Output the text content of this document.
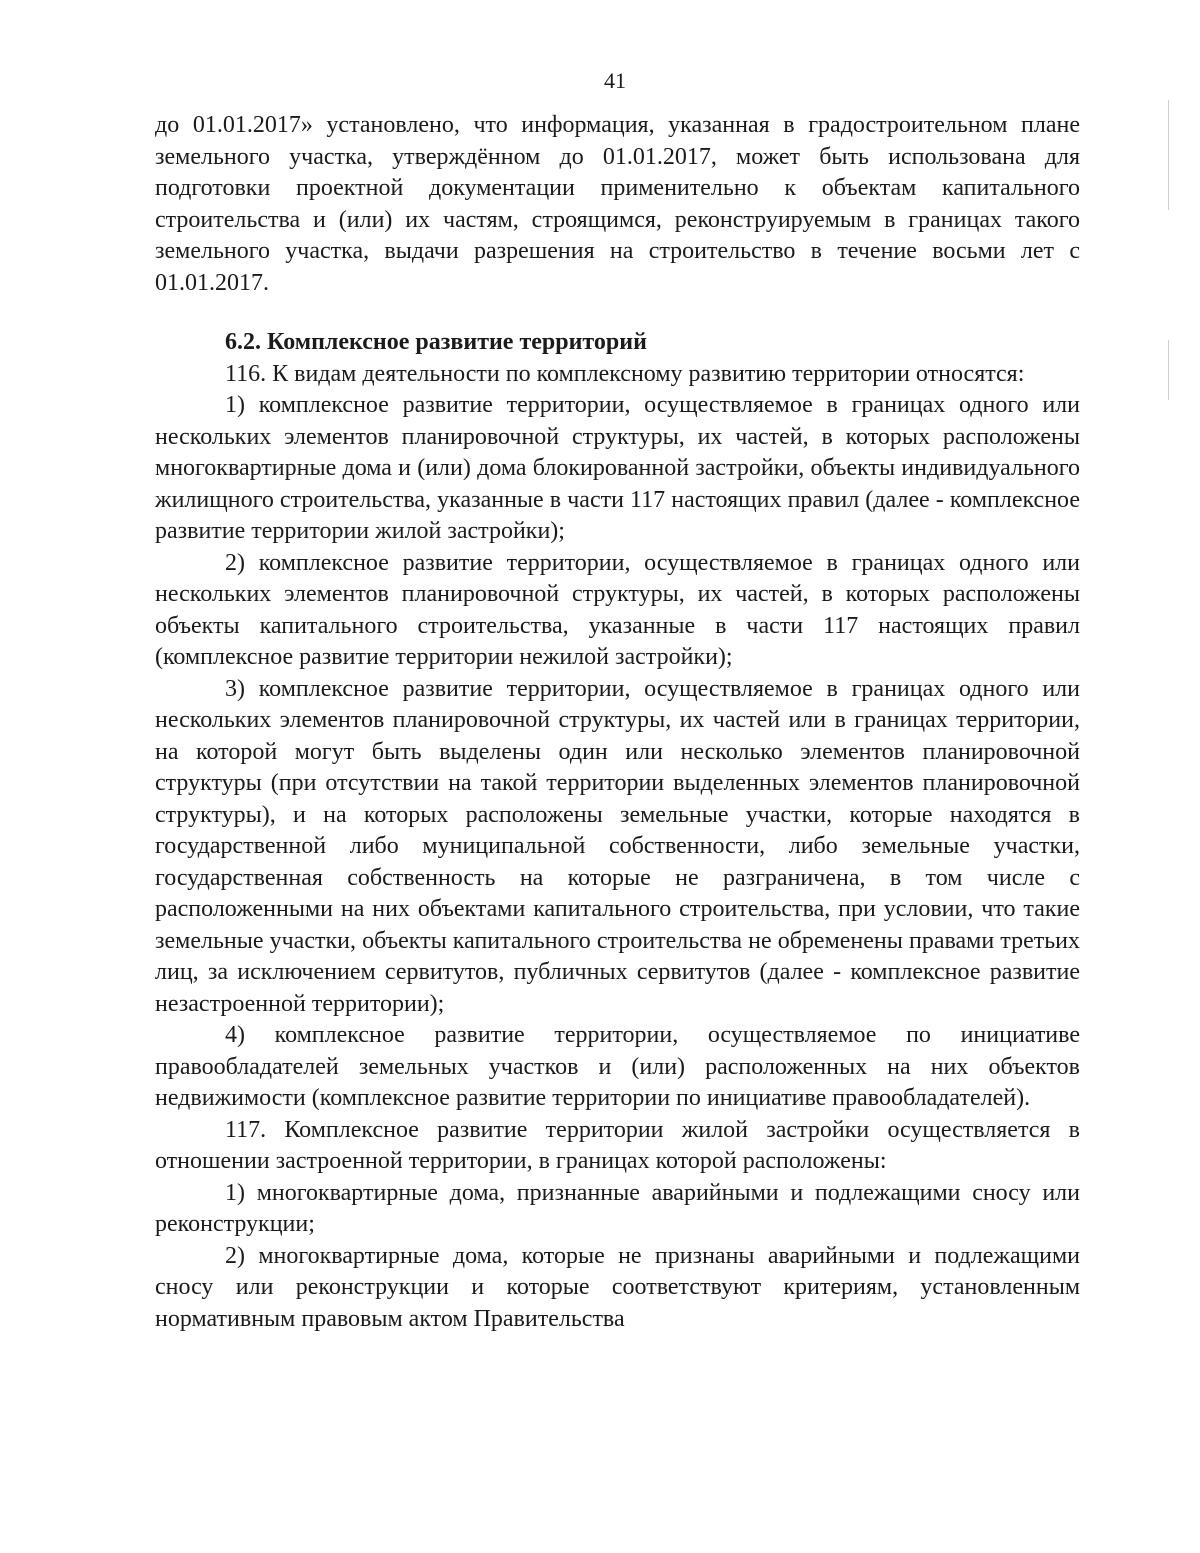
41

до 01.01.2017» установлено, что информация, указанная в градостроительном плане земельного участка, утверждённом до 01.01.2017, может быть использована для подготовки проектной документации применительно к объектам капитального строительства и (или) их частям, строящимся, реконструируемым в границах такого земельного участка, выдачи разрешения на строительство в течение восьми лет с 01.01.2017.

6.2. Комплексное развитие территорий

116. К видам деятельности по комплексному развитию территории относятся:

1) комплексное развитие территории, осуществляемое в границах одного или нескольких элементов планировочной структуры, их частей, в которых расположены многоквартирные дома и (или) дома блокированной застройки, объекты индивидуального жилищного строительства, указанные в части 117 настоящих правил (далее - комплексное развитие территории жилой застройки);

2) комплексное развитие территории, осуществляемое в границах одного или нескольких элементов планировочной структуры, их частей, в которых расположены объекты капитального строительства, указанные в части 117 настоящих правил (комплексное развитие территории нежилой застройки);

3) комплексное развитие территории, осуществляемое в границах одного или нескольких элементов планировочной структуры, их частей или в границах территории, на которой могут быть выделены один или несколько элементов планировочной структуры (при отсутствии на такой территории выделенных элементов планировочной структуры), и на которых расположены земельные участки, которые находятся в государственной либо муниципальной собственности, либо земельные участки, государственная собственность на которые не разграничена, в том числе с расположенными на них объектами капитального строительства, при условии, что такие земельные участки, объекты капитального строительства не обременены правами третьих лиц, за исключением сервитутов, публичных сервитутов (далее - комплексное развитие незастроенной территории);

4) комплексное развитие территории, осуществляемое по инициативе правообладателей земельных участков и (или) расположенных на них объектов недвижимости (комплексное развитие территории по инициативе правообладателей).

117. Комплексное развитие территории жилой застройки осуществляется в отношении застроенной территории, в границах которой расположены:

1) многоквартирные дома, признанные аварийными и подлежащими сносу или реконструкции;

2) многоквартирные дома, которые не признаны аварийными и подлежащими сносу или реконструкции и которые соответствуют критериям, установленным нормативным правовым актом Правительства
